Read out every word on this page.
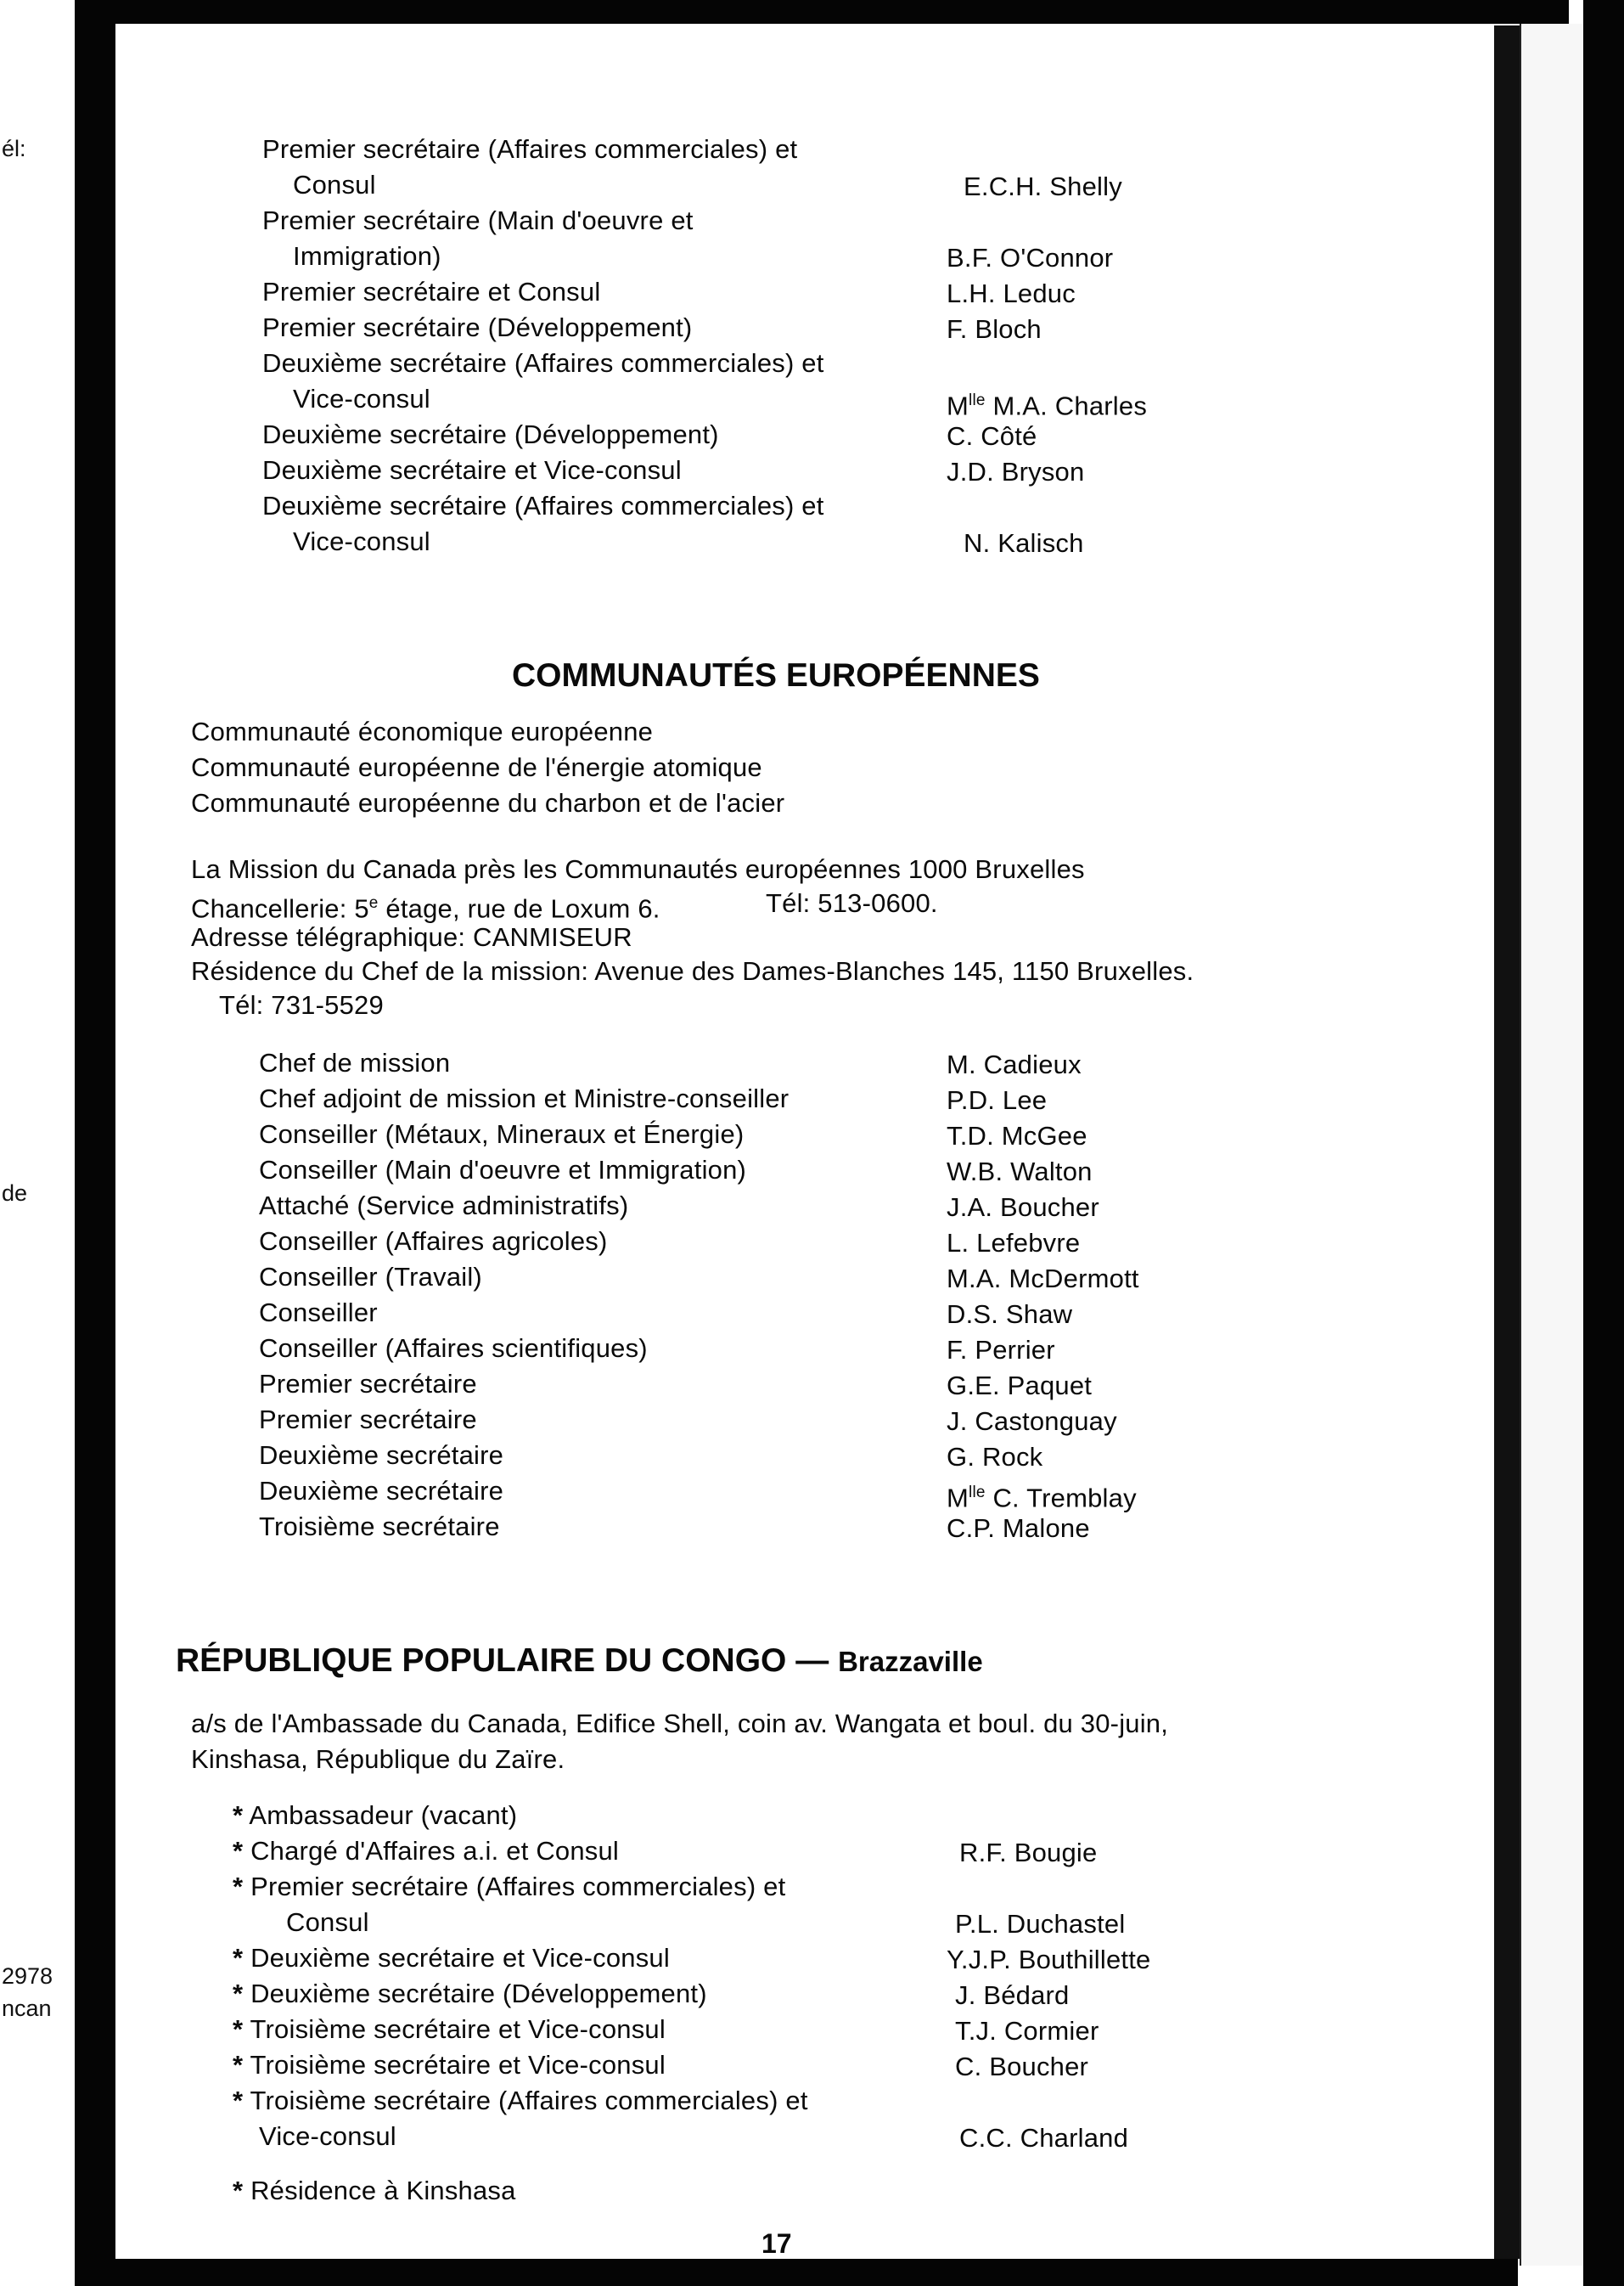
él:
de
2978
ncan
Premier secrétaire (Affaires commerciales) et
Consul	E.C.H. Shelly
Premier secrétaire (Main d'oeuvre et
Immigration)	B.F. O'Connor
Premier secrétaire et Consul	L.H. Leduc
Premier secrétaire (Développement)	F. Bloch
Deuxième secrétaire (Affaires commerciales) et
Vice-consul	$M^{lle}$ M.A. Charles
Deuxième secrétaire (Développement)	C. Côté
Deuxième secrétaire et Vice-consul	J.D. Bryson
Deuxième secrétaire (Affaires commerciales) et
Vice-consul	N. Kalisch
COMMUNAUTÉS EUROPÉENNES
Communauté économique européenne
Communauté européenne de l'énergie atomique
Communauté européenne du charbon et de l'acier
La Mission du Canada près les Communautés européennes 1000 Bruxelles
Chancellerie: 5e étage, rue de Loxum 6.	Tél: 513-0600.
Adresse télégraphique: CANMISEUR
Résidence du Chef de la mission: Avenue des Dames-Blanches 145, 1150 Bruxelles.
Tél: 731-5529
Chef de mission	M. Cadieux
Chef adjoint de mission et Ministre-conseiller	P.D. Lee
Conseiller (Métaux, Mineraux et Énergie)	T.D. McGee
Conseiller (Main d'oeuvre et Immigration)	W.B. Walton
Attaché (Service administratifs)	J.A. Boucher
Conseiller (Affaires agricoles)	L. Lefebvre
Conseiller (Travail)	M.A. McDermott
Conseiller	D.S. Shaw
Conseiller (Affaires scientifiques)	F. Perrier
Premier secrétaire	G.E. Paquet
Premier secrétaire	J. Castonguay
Deuxième secrétaire	G. Rock
Deuxième secrétaire	$M^{lle}$ C. Tremblay
Troisième secrétaire	C.P. Malone
RÉPUBLIQUE POPULAIRE DU CONGO — Brazzaville
a/s de l'Ambassade du Canada, Edifice Shell, coin av. Wangata et boul. du 30-juin,
Kinshasa, République du Zaïre.
* Ambassadeur (vacant)
* Chargé d'Affaires a.i. et Consul	R.F. Bougie
* Premier secrétaire (Affaires commerciales) et
Consul	P.L. Duchastel
* Deuxième secrétaire et Vice-consul	Y.J.P. Bouthillette
* Deuxième secrétaire (Développement)	J. Bédard
* Troisième secrétaire et Vice-consul	T.J. Cormier
* Troisième secrétaire et Vice-consul	C. Boucher
* Troisième secrétaire (Affaires commerciales) et
Vice-consul	C.C. Charland
* Résidence à Kinshasa
17
